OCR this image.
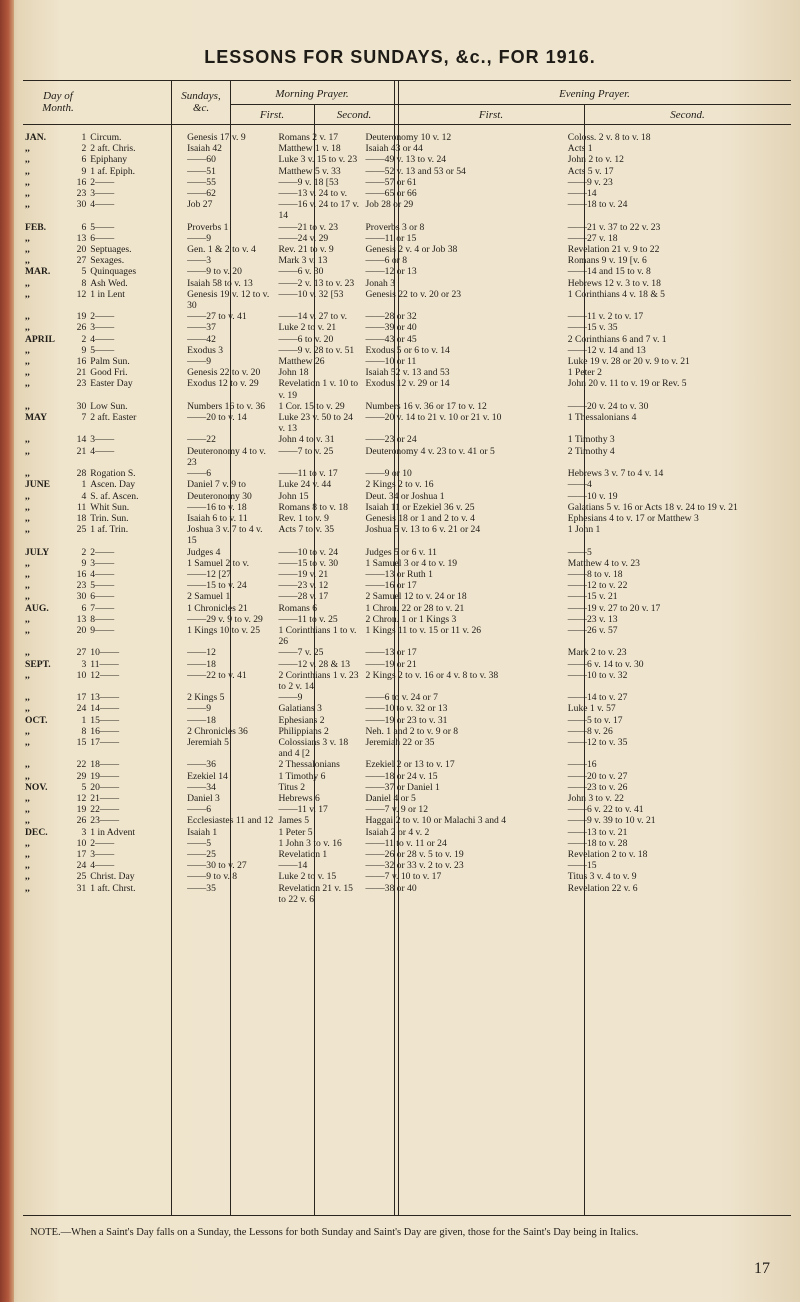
LESSONS FOR SUNDAYS, &c., FOR 1916.
Day of
Month.
Sundays,
&c.
Morning Prayer.	Evening Prayer.
First.	Second.	First.	Second.
JAN.	1	Circum.	Genesis 17 v. 9	Romans 2 v. 17	Deuteronomy 10 v. 12	Coloss. 2 v. 8 to v. 18
,,	2	2 aft. Chris.	Isaiah 42	Matthew 1 v. 18	Isaiah 43 or 44	Acts 1
,,	6	Epiphany	——60	Luke 3 v. 15 to v. 23	——49 v. 13 to v. 24	John 2 to v. 12
,,	9	1 af. Epiph.	——51	Matthew 5 v. 33	——52 v. 13 and 53 or 54	Acts 5 v. 17
,,	16	2——	——55	——9 v. 18 [53	——57 or 61	——9 v. 23
,,	23	3——	——62	——13 v. 24 to v.	——65 or 66	——14
,,	30	4——	Job 27	——16 v. 24 to 17 v. 14	Job 28 or 29	——18 to v. 24
FEB.	6	5——	Proverbs 1	——21 to v. 23	Proverbs 3 or 8	——21 v. 37 to 22 v. 23
,,	13	6——	——9	——24 v. 29	——11 or 15	——27 v. 18
,,	20	Septuages.	Gen. 1 & 2 to v. 4	Rev. 21 to v. 9	Genesis 2 v. 4 or Job 38	Revelation 21 v. 9 to 22
,,	27	Sexages.	——3	Mark 3 v. 13	——6 or 8	Romans 9 v. 19 [v. 6
MAR.	5	Quinquages	——9 to v. 20	——6 v. 30	——12 or 13	——14 and 15 to v. 8
,,	8	Ash Wed.	Isaiah 58 to v. 13	——2 v. 13 to v. 23	Jonah 3	Hebrews 12 v. 3 to v. 18
,,	12	1 in Lent	Genesis 19 v. 12 to v. 30	——10 v. 32 [53	Genesis 22 to v. 20 or 23	1 Corinthians 4 v. 18 & 5
,,	19	2——	——27 to v. 41	——14 v. 27 to v.	——28 or 32	——11 v. 2 to v. 17
,,	26	3——	——37	Luke 2 to v. 21	——39 or 40	——15 v. 35
APRIL	2	4——	——42	——6 to v. 20	——43 or 45	2 Corinthians 6 and 7 v. 1
,,	9	5——	Exodus 3	——9 v. 28 to v. 51	Exodus 5 or 6 to v. 14	——12 v. 14 and 13
,,	16	Palm Sun.	——9	Matthew 26	——10 or 11	Luke 19 v. 28 or 20 v. 9 to v. 21
,,	21	Good Fri.	Genesis 22 to v. 20	John 18	Isaiah 52 v. 13 and 53	1 Peter 2
,,	23	Easter Day	Exodus 12 to v. 29	Revelation 1 v. 10 to v. 19	Exodus 12 v. 29 or 14	John 20 v. 11 to v. 19 or Rev. 5
,,	30	Low Sun.	Numbers 16 to v. 36	1 Cor. 15 to v. 29	Numbers 16 v. 36 or 17 to v. 12	——20 v. 24 to v. 30
MAY	7	2 aft. Easter	——20 to v. 14	Luke 23 v. 50 to 24 v. 13	——20 v. 14 to 21 v. 10 or 21 v. 10	1 Thessalonians 4
,,	14	3——	——22	John 4 to v. 31	——23 or 24	1 Timothy 3
,,	21	4——	Deuteronomy 4 to v. 23	——7 to v. 25	Deuteronomy 4 v. 23 to v. 41 or 5	2 Timothy 4
,,	28	Rogation S.	——6	——11 to v. 17	——9 or 10	Hebrews 3 v. 7 to 4 v. 14
JUNE	1	Ascen. Day	Daniel 7 v. 9 to	Luke 24 v. 44	2 Kings 2 to v. 16	——4
,,	4	S. af. Ascen.	Deuteronomy 30	John 15	Deut. 34 or Joshua 1	——10 v. 19
,,	11	Whit Sun.	——16 to v. 18	Romans 8 to v. 18	Isaiah 11 or Ezekiel 36 v. 25	Galatians 5 v. 16 or Acts 18 v. 24 to 19 v. 21
,,	18	Trin. Sun.	Isaiah 6 to v. 11	Rev. 1 to v. 9	Genesis 18 or 1 and 2 to v. 4	Ephesians 4 to v. 17 or Matthew 3
,,	25	1 af. Trin.	Joshua 3 v. 7 to 4 v. 15	Acts 7 to v. 35	Joshua 5 v. 13 to 6 v. 21 or 24	1 John 1
JULY	2	2——	Judges 4	——10 to v. 24	Judges 5 or 6 v. 11	——5
,,	9	3——	1 Samuel 2 to v.	——15 to v. 30	1 Samuel 3 or 4 to v. 19	Matthew 4 to v. 23
,,	16	4——	——12 [27	——19 v. 21	——13 or Ruth 1	——8 to v. 18
,,	23	5——	——15 to v. 24	——23 v. 12	——16 or 17	——12 to v. 22
,,	30	6——	2 Samuel 1	——28 v. 17	2 Samuel 12 to v. 24 or 18	——15 v. 21
AUG.	6	7——	1 Chronicles 21	Romans 6	1 Chron. 22 or 28 to v. 21	——19 v. 27 to 20 v. 17
,,	13	8——	——29 v. 9 to v. 29	——11 to v. 25	2 Chron. 1 or 1 Kings 3	——23 v. 13
,,	20	9——	1 Kings 10 to v. 25	1 Corinthians 1 to v. 26	1 Kings 11 to v. 15 or 11 v. 26	——26 v. 57
,,	27	10——	——12	——7 v. 25	——13 or 17	Mark 2 to v. 23
SEPT.	3	11——	——18	——12 v. 28 & 13	——19 or 21	——6 v. 14 to v. 30
,,	10	12——	——22 to v. 41	2 Corinthians 1 v. 23 to 2 v. 14	2 Kings 2 to v. 16 or 4 v. 8 to v. 38	——10 to v. 32
,,	17	13——	2 Kings 5	——9	——6 to v. 24 or 7	——14 to v. 27
,,	24	14——	——9	Galatians 3	——10 to v. 32 or 13	Luke 1 v. 57
OCT.	1	15——	——18	Ephesians 2	——19 or 23 to v. 31	——5 to v. 17
,,	8	16——	2 Chronicles 36	Philippians 2	Neh. 1 and 2 to v. 9 or 8	——8 v. 26
,,	15	17——	Jeremiah 5	Colossians 3 v. 18 and 4 [2	Jeremiah 22 or 35	——12 to v. 35
,,	22	18——	——36	2 Thessalonians	Ezekiel 2 or 13 to v. 17	——16
,,	29	19——	Ezekiel 14	1 Timothy 6	——18 or 24 v. 15	——20 to v. 27
NOV.	5	20——	——34	Titus 2	——37 or Daniel 1	——23 to v. 26
,,	12	21——	Daniel 3	Hebrews 6	Daniel 4 or 5	John 3 to v. 22
,,	19	22——	——6	——11 v. 17	——7 v. 9 or 12	——6 v. 22 to v. 41
,,	26	23——	Ecclesiastes 11 and 12	James 5	Haggai 2 to v. 10 or Malachi 3 and 4	——9 v. 39 to 10 v. 21
DEC.	3	1 in Advent	Isaiah 1	1 Peter 5	Isaiah 2 or 4 v. 2	——13 to v. 21
,,	10	2——	——5	1 John 3 to v. 16	——11 to v. 11 or 24	——18 to v. 28
,,	17	3——	——25	Revelation 1	——26 or 28 v. 5 to v. 19	Revelation 2 to v. 18
,,	24	4——	——30 to v. 27	——14	——32 or 33 v. 2 to v. 23	——15
,,	25	Christ. Day	——9 to v. 8	Luke 2 to v. 15	——7 v. 10 to v. 17	Titus 3 v. 4 to v. 9
,,	31	1 aft. Chrst.	——35	Revelation 21 v. 15 to 22 v. 6	——38 or 40	Revelation 22 v. 6
NOTE.—When a Saint's Day falls on a Sunday, the Lessons for both Sunday and Saint's Day are given, those for the Saint's Day being in Italics.
17
